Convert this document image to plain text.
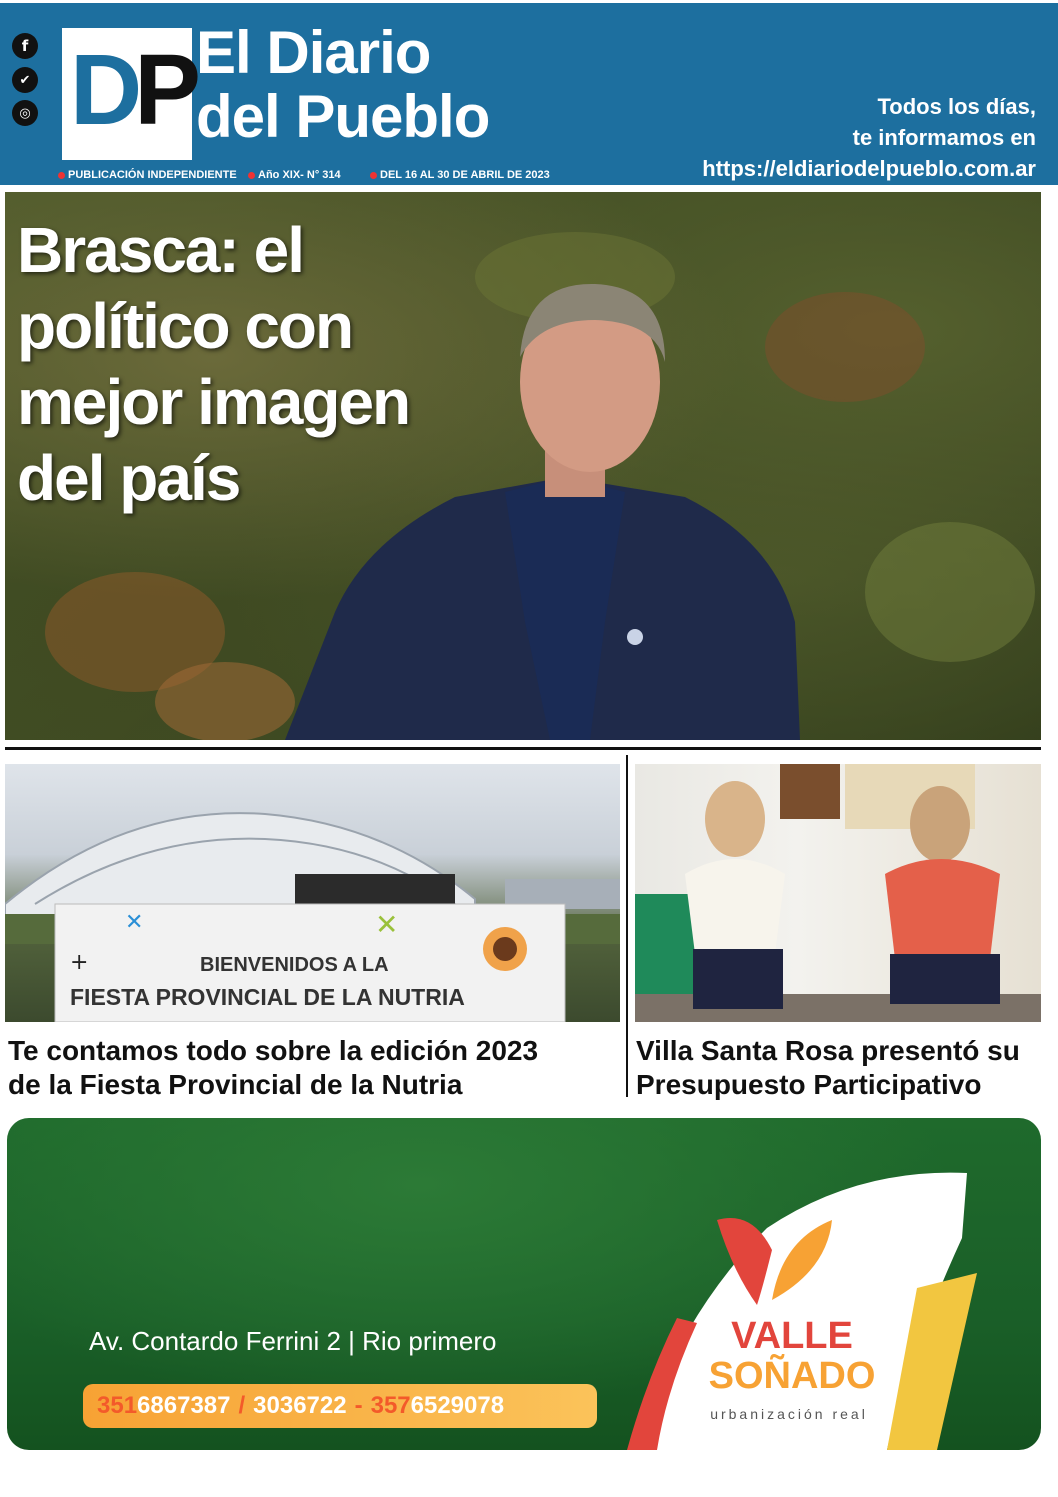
f
✔
◎ DP El Diario
del Pueblo	Todos los días,
te informamos en
https://eldiariodelpueblo.com.ar
PUBLICACIÓN INDEPENDIENTE	Año XIX- N° 314	DEL 16 AL 30 DE ABRIL DE 2023
Brasca: el
político con
mejor imagen
del país
✕	✕
+	BIENVENIDOS A LA
FIESTA PROVINCIAL DE LA NUTRIA
Te contamos todo sobre la edición 2023
de la Fiesta Provincial de la Nutria
Villa Santa Rosa presentó su
Presupuesto Participativo
Av. Contardo Ferrini 2 | Rio primero
351 6867387 / 3036722 - 357 6529078
VALLE
SOÑADO
urbanización real
